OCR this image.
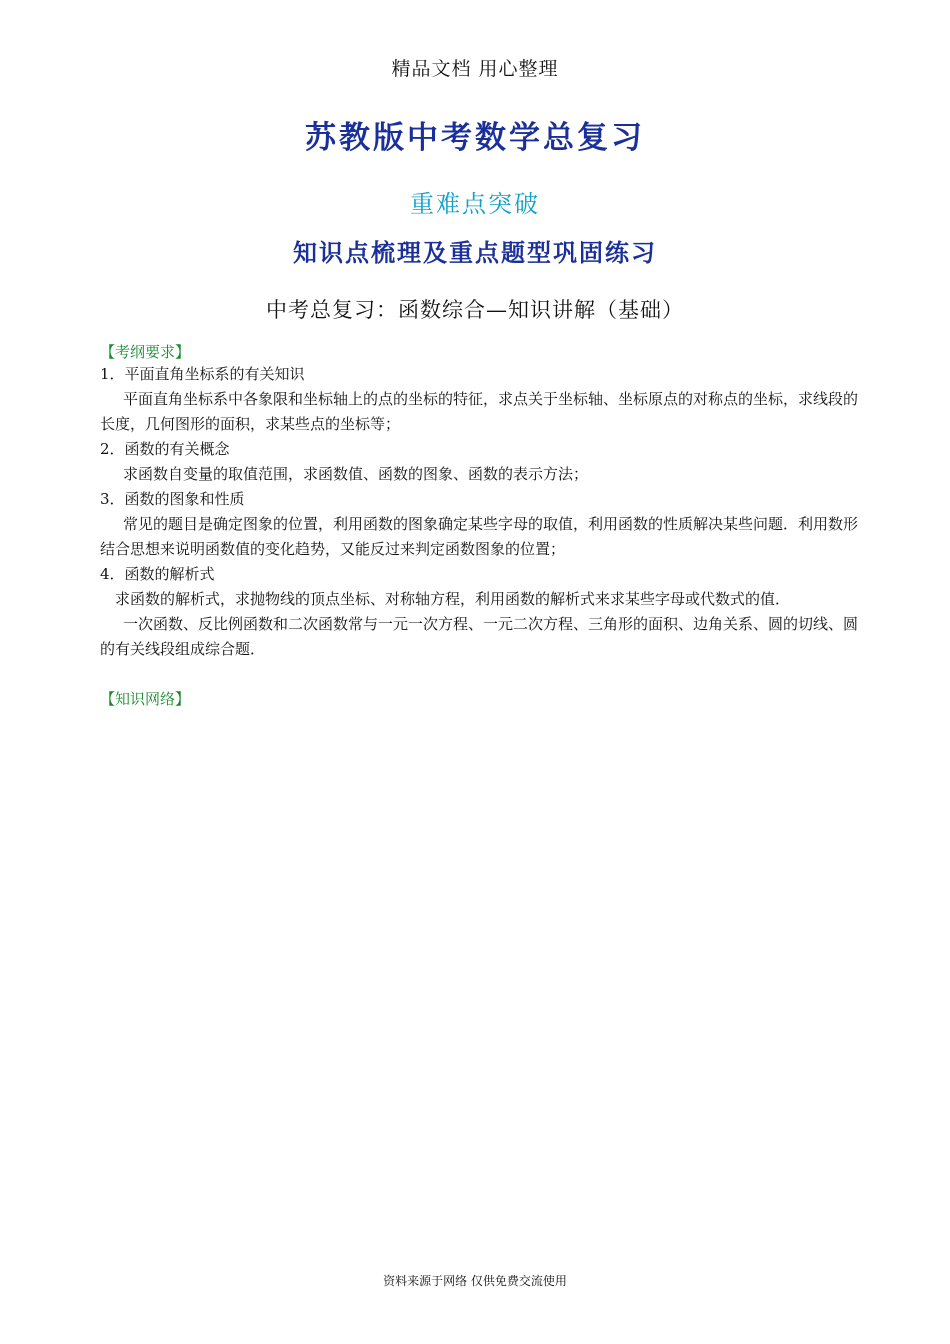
精品文档 用心整理
苏教版中考数学总复习
重难点突破
知识点梳理及重点题型巩固练习
中考总复习：函数综合—知识讲解（基础）
【考纲要求】

1．平面直角坐标系的有关知识

平面直角坐标系中各象限和坐标轴上的点的坐标的特征，求点关于坐标轴、坐标原点的对称点的坐标，求线段的长度，几何图形的面积，求某些点的坐标等；

2．函数的有关概念

求函数自变量的取值范围，求函数值、函数的图象、函数的表示方法；

3．函数的图象和性质

常见的题目是确定图象的位置，利用函数的图象确定某些字母的取值，利用函数的性质解决某些问题．利用数形结合思想来说明函数值的变化趋势，又能反过来判定函数图象的位置；

4．函数的解析式

求函数的解析式，求抛物线的顶点坐标、对称轴方程，利用函数的解析式来求某些字母或代数式的值．

一次函数、反比例函数和二次函数常与一元一次方程、一元二次方程、三角形的面积、边角关系、圆的切线、圆的有关线段组成综合题．

【知识网络】
资料来源于网络 仅供免费交流使用
